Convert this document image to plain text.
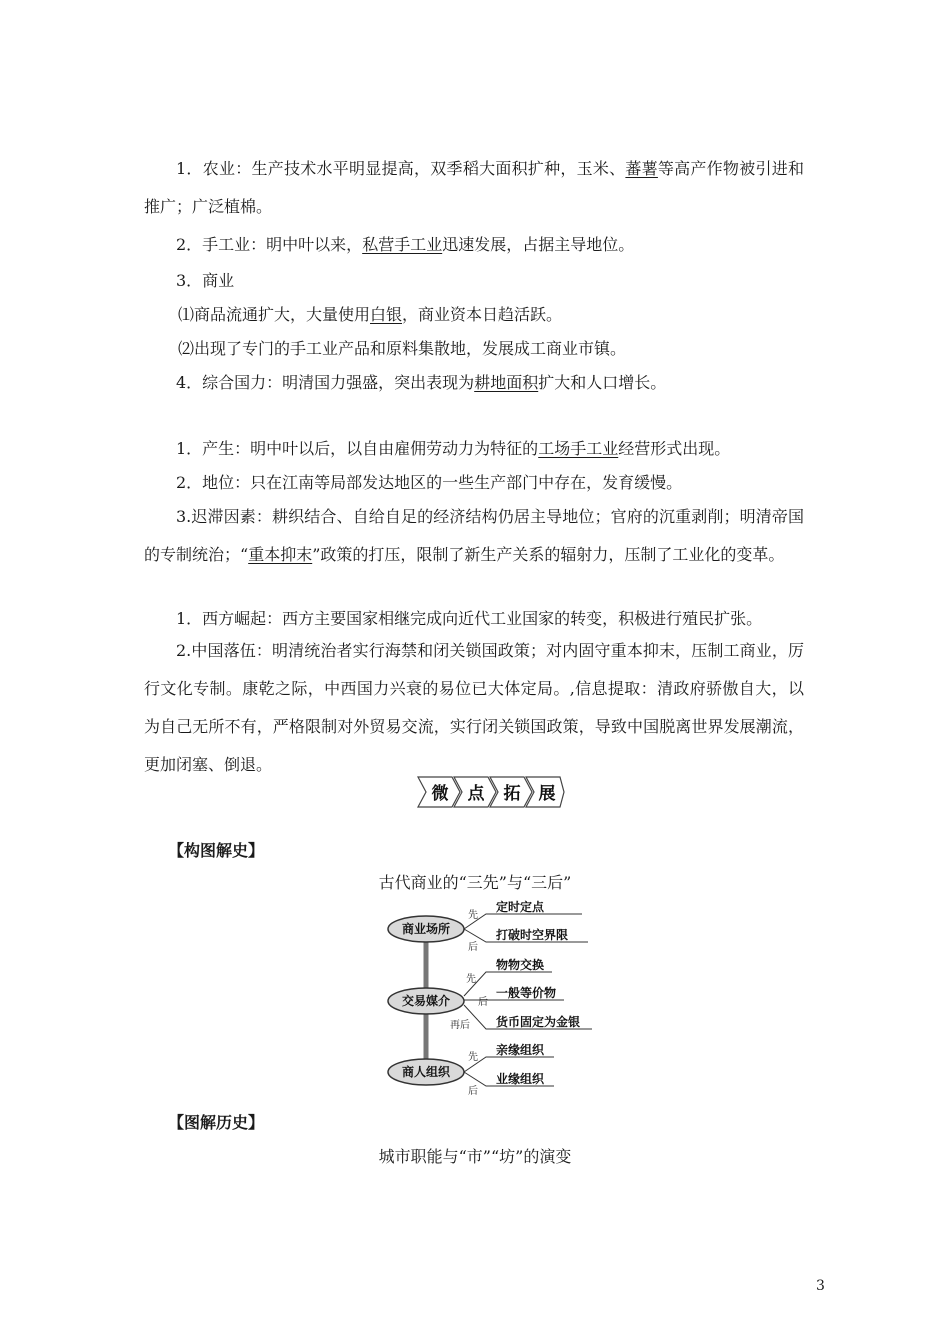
1．农业：生产技术水平明显提高，双季稻大面积扩种，玉米、蕃薯等高产作物被引进和推广；广泛植棉。
2．手工业：明中叶以来，私营手工业迅速发展，占据主导地位。
3．商业
⑴商品流通扩大，大量使用白银，商业资本日趋活跃。
⑵出现了专门的手工业产品和原料集散地，发展成工商业市镇。
4．综合国力：明清国力强盛，突出表现为耕地面积扩大和人口增长。
1．产生：明中叶以后，以自由雇佣劳动力为特征的工场手工业经营形式出现。
2．地位：只在江南等局部发达地区的一些生产部门中存在，发育缓慢。
3.迟滞因素：耕织结合、自给自足的经济结构仍居主导地位；官府的沉重剥削；明清帝国的专制统治；“重本抑末”政策的打压，限制了新生产关系的辐射力，压制了工业化的变革。
1．西方崛起：西方主要国家相继完成向近代工业国家的转变，积极进行殖民扩张。
2.中国落伍：明清统治者实行海禁和闭关锁国政策；对内固守重本抑末，压制工商业，厉行文化专制。康乾之际，中西国力兴衰的易位已大体定局。,信息提取：清政府骄傲自大，以为自己无所不有，严格限制对外贸易交流，实行闭关锁国政策，导致中国脱离世界发展潮流，更加闭塞、倒退。
微 点 拓 展
【构图解史】
古代商业的“三先”与“三后”
商业场所
交易媒介
商人组织
先
后
先
后
再后
先
后
定时定点
打破时空界限
物物交换
一般等价物
货币固定为金银
亲缘组织
业缘组织
【图解历史】
城市职能与“市”“坊”的演变
3
